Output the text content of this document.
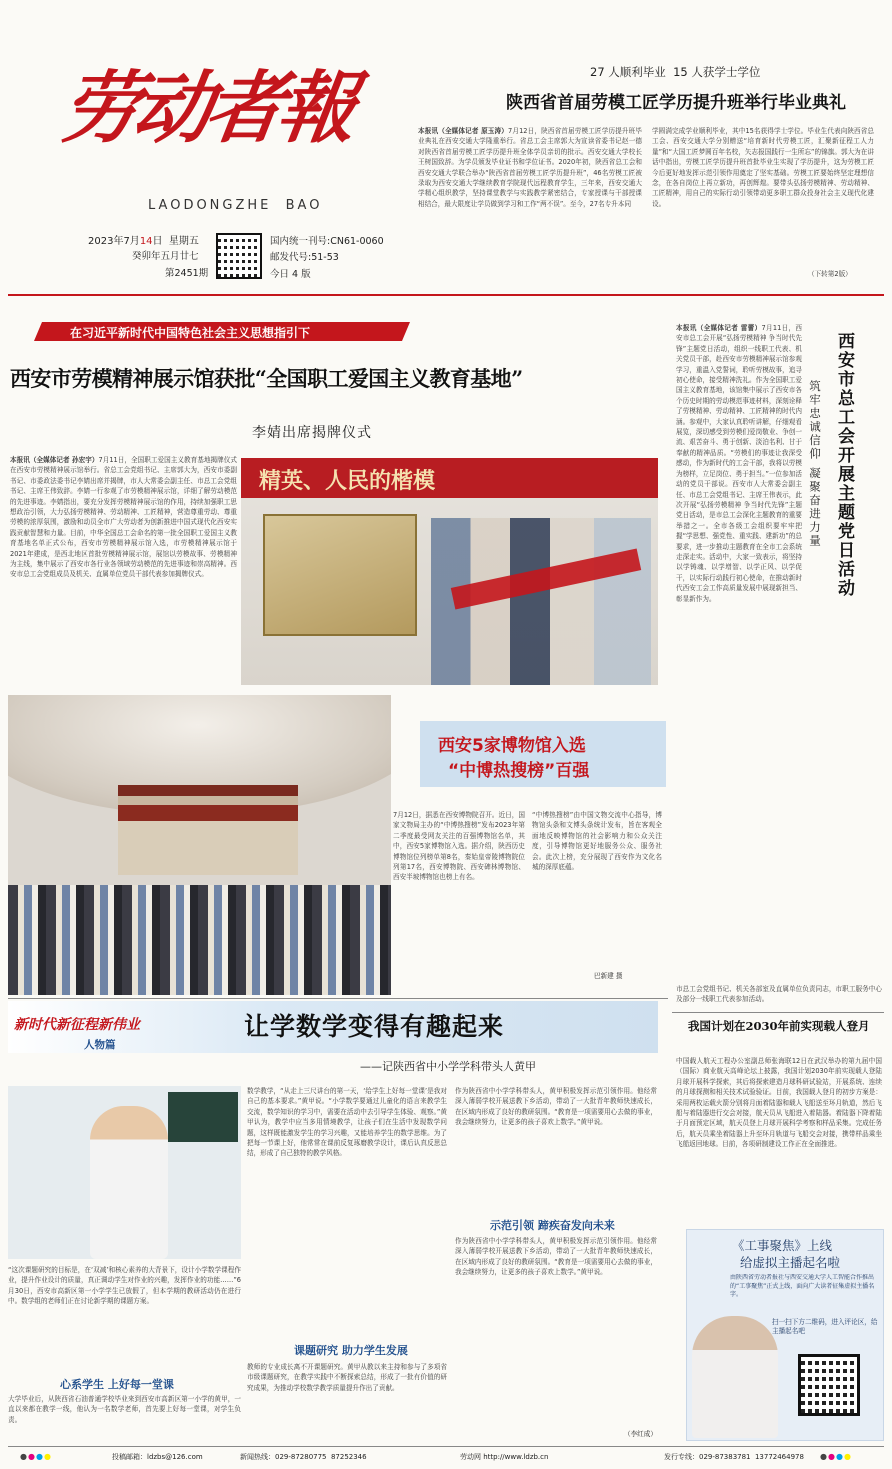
劳动者報
LAODONGZHE  BAO
2023年7月14日  星期五
癸卯年五月廿七
第2451期
国内统一刊号:CN61-0060
邮发代号:51-53
今日 4 版
27 人顺利毕业  15 人获学士学位
陕西省首届劳模工匠学历提升班举行毕业典礼
本报讯（全媒体记者 原玉涛）7月12日，陕西省首届劳模工匠学历提升班毕业典礼在西安交通大学隆重举行。省总工会主席郭大为宣读省委书记赵一德对陕西省首届劳模工匠学历提升班全体学员亲切的批示。西安交通大学校长王树国致辞。为学员颁发毕业证书和学位证书。2020年初，陕西省总工会和西安交通大学联合举办“陕西省首届劳模工匠学历提升班”，46名劳模工匠被录取为西安交通大学继续教育学院现代远程教育学生，三年来，西安交通大学精心组织教学，坚持课堂教学与实践教学紧密结合，专家授课与干部授课相结合，最大限度让学员做到学习和工作“两不误”。至今，27名专升本同
学圆满完成学业顺利毕业，其中15名获得学士学位。毕业生代表向陕西省总工会、西安交通大学分别赠送“培育新时代劳模工匠，汇聚新征程工人力量”和“大国工匠梦圆百年名校，矢志报国践行一生所忘”的锦旗。郭大为在讲话中指出，劳模工匠学历提升班首批毕业生实现了学历提升，这为劳模工匠今后更好地发挥示范引领作用奠定了坚实基础。劳模工匠要始终坚定理想信念，在各自岗位上再立新功，再创辉煌。要带头弘扬劳模精神、劳动精神、工匠精神，用自己的实际行动引领带动更多职工群众投身社会主义现代化建设。
（下转第2版）
在习近平新时代中国特色社会主义思想指引下
西安市劳模精神展示馆获批“全国职工爱国主义教育基地”
李婧出席揭牌仪式
本报讯（全媒体记者 孙宏宇）7月11日，全国职工爱国主义教育基地揭牌仪式在西安市劳模精神展示馆举行。省总工会党组书记、主席郭大为，西安市委副书记、市委政法委书记李婧出席并揭牌，市人大常委会副主任、市总工会党组书记、主席王伟致辞。李婧一行参观了市劳模精神展示馆，详细了解劳动模范的先进事迹。李婧指出，要充分发挥劳模精神展示馆的作用，持续加强职工思想政治引领，大力弘扬劳模精神、劳动精神、工匠精神，营造尊重劳动、尊重劳模的浓厚氛围，激励和动员全市广大劳动者为创新推进中国式现代化西安实践贡献智慧和力量。目前，中华全国总工会命名的第一批全国职工爱国主义教育基地名单正式公布，西安市劳模精神展示馆入选，市劳模精神展示馆于2021年建成，是西北地区首批劳模精神展示馆，展馆以劳模故事、劳模精神为主线，集中展示了西安市各行业各领域劳动模范的先进事迹和崇高精神。西安市总工会党组成员及机关、直属单位党员干部代表参加揭牌仪式。
精英、人民的楷模	西安市总工会开展主题党日活动
筑牢忠诚信仰 凝聚奋进力量
本报讯（全媒体记者 雷蕾）7月11日，西安市总工会开展“弘扬劳模精神 争当时代先锋”主题党日活动，组织一线职工代表、机关党员干部，赴西安市劳模精神展示馆参观学习，重温入党誓词，聆听劳模故事，追寻初心使命，接受精神洗礼。作为全国职工爱国主义教育基地，该馆集中展示了西安市各个历史时期的劳动模范事迹材料，深刻诠释了劳模精神、劳动精神、工匠精神的时代内涵。参观中，大家认真聆听讲解，仔细观看展览，深切感受到劳模们爱岗敬业、争创一流、艰苦奋斗、勇于创新、淡泊名利、甘于奉献的精神品质。“劳模们的事迹让我深受感动，作为新时代的工会干部，我将以劳模为榜样，立足岗位、勇于担当。”一位参加活动的党员干部说。西安市人大常委会副主任、市总工会党组书记、主席王伟表示，此次开展“弘扬劳模精神 争当时代先锋”主题党日活动，是市总工会深化主题教育的重要举措之一。全市各级工会组织要牢牢把握“学思想、强党性、重实践、建新功”的总要求，进一步推动主题教育在全市工会系统走深走实。活动中，大家一致表示，将坚持以学铸魂、以学增智、以学正风、以学促干，以实际行动践行初心使命，在推动新时代西安工会工作高质量发展中展现新担当、彰显新作为。
市总工会党组书记、机关各部室及直属单位负责同志，市职工服务中心及部分一线职工代表参加活动。
西安5家博物馆入选
“中博热搜榜”百强
7月12日，据悉在西安博物院召开。近日，国家文物局主办的“中博热搜榜”发布2023年第二季度最受网友关注的百强博物馆名单，其中，西安5家博物馆入选。据介绍，陕西历史博物馆位列榜单第8名，秦始皇帝陵博物院位列第17名，西安博物院、西安碑林博物馆、西安半坡博物馆也榜上有名。
“中博热搜榜”由中国文物交流中心指导，博物馆头条和文博头条统计发布，旨在客观全面地反映博物馆的社会影响力和公众关注度，引导博物馆更好地服务公众、服务社会。此次上榜，充分展现了西安作为文化名城的深厚底蕴。
巴新建 摄
新时代新征程新伟业
人物篇
让学数学变得有趣起来
——记陕西省中小学学科带头人黄甲
“这次课题研究的目标是，在‘双减’和核心素养的大背景下，设计小学数学课程作业，提升作业设计的质量，真正调动学生对作业的兴趣，发挥作业的功能……”6月30日，西安市高新区第一小学学生已放假了，但本学期的教研活动仍在进行中。数学组的老师们正在讨论新学期的课题方案。
心系学生 上好每一堂课
大学毕业后，从陕西省石油普通学校毕业来到西安市高新区第一小学的黄甲，一直以来都在教学一线，他认为一名数学老师，首先要上好每一堂课，对学生负责。
数学教学，“从走上三尺讲台的第一天，‘给学生上好每一堂课’是我对自己的基本要求。”黄甲说。“小学数学要通过儿童化的语言来教学生交流，数学知识的学习中，需要在活动中去引导学生体验、观察。”黄甲认为，教学中应当多用情境教学，让孩子们在生活中发现数学问题，这样既能激发学生的学习兴趣，又能培养学生的数学思维。为了把每一节课上好，他常常在课前反复琢磨教学设计，课后认真反思总结，形成了自己独特的教学风格。
课题研究 助力学生发展
教师的专业成长离不开课题研究。黄甲从教以来主持和参与了多项省市级课题研究，在教学实践中不断探索总结，形成了一批有价值的研究成果，为推动学校数学教学质量提升作出了贡献。
作为陕西省中小学学科带头人，黄甲积极发挥示范引领作用。他经常深入薄弱学校开展送教下乡活动，带动了一大批青年教师快速成长，在区域内形成了良好的教研氛围。“教育是一项需要用心去做的事业，我会继续努力，让更多的孩子喜欢上数学。”黄甲说。
示范引领 蹄疾奋发向未来
作为陕西省中小学学科带头人，黄甲积极发挥示范引领作用。他经常深入薄弱学校开展送教下乡活动，带动了一大批青年教师快速成长，在区域内形成了良好的教研氛围。“教育是一项需要用心去做的事业，我会继续努力，让更多的孩子喜欢上数学。”黄甲说。
（李红成）
我国计划在2030年前实现载人登月
中国载人航天工程办公室副总师张海联12日在武汉举办的第九届中国（国际）商业航天高峰论坛上披露，我国计划2030年前实现载人登陆月球开展科学探索，其后将探索建造月球科研试验站，开展系统、连续的月球探测和相关技术试验验证。目前，我国载人登月的初步方案是：采用两枚运载火箭分别将月面着陆器和载人飞船送至环月轨道，然后飞船与着陆器进行交会对接，航天员从飞船进入着陆器。着陆器下降着陆于月面预定区域，航天员登上月球开展科学考察和样品采集。完成任务后，航天员乘坐着陆器上升至环月轨道与飞船交会对接，携带样品乘坐飞船返回地球。目前，各项研制建设工作正在全面推进。
《工事聚焦》上线
给虚拟主播起名啦
由陕西省劳动者报社与西安交通大学人工智能合作推出的“工事聚焦”正式上线，面向广大读者征集虚拟主播名字。
扫一扫下方二维码，进入评论区，给主播起名吧
投稿邮箱：ldzbs@126.com	新闻热线：029-87280775  87252346	劳动网 http://www.ldzb.cn	发行专线：029-87383781  13772464978
●●●●	●●●●
